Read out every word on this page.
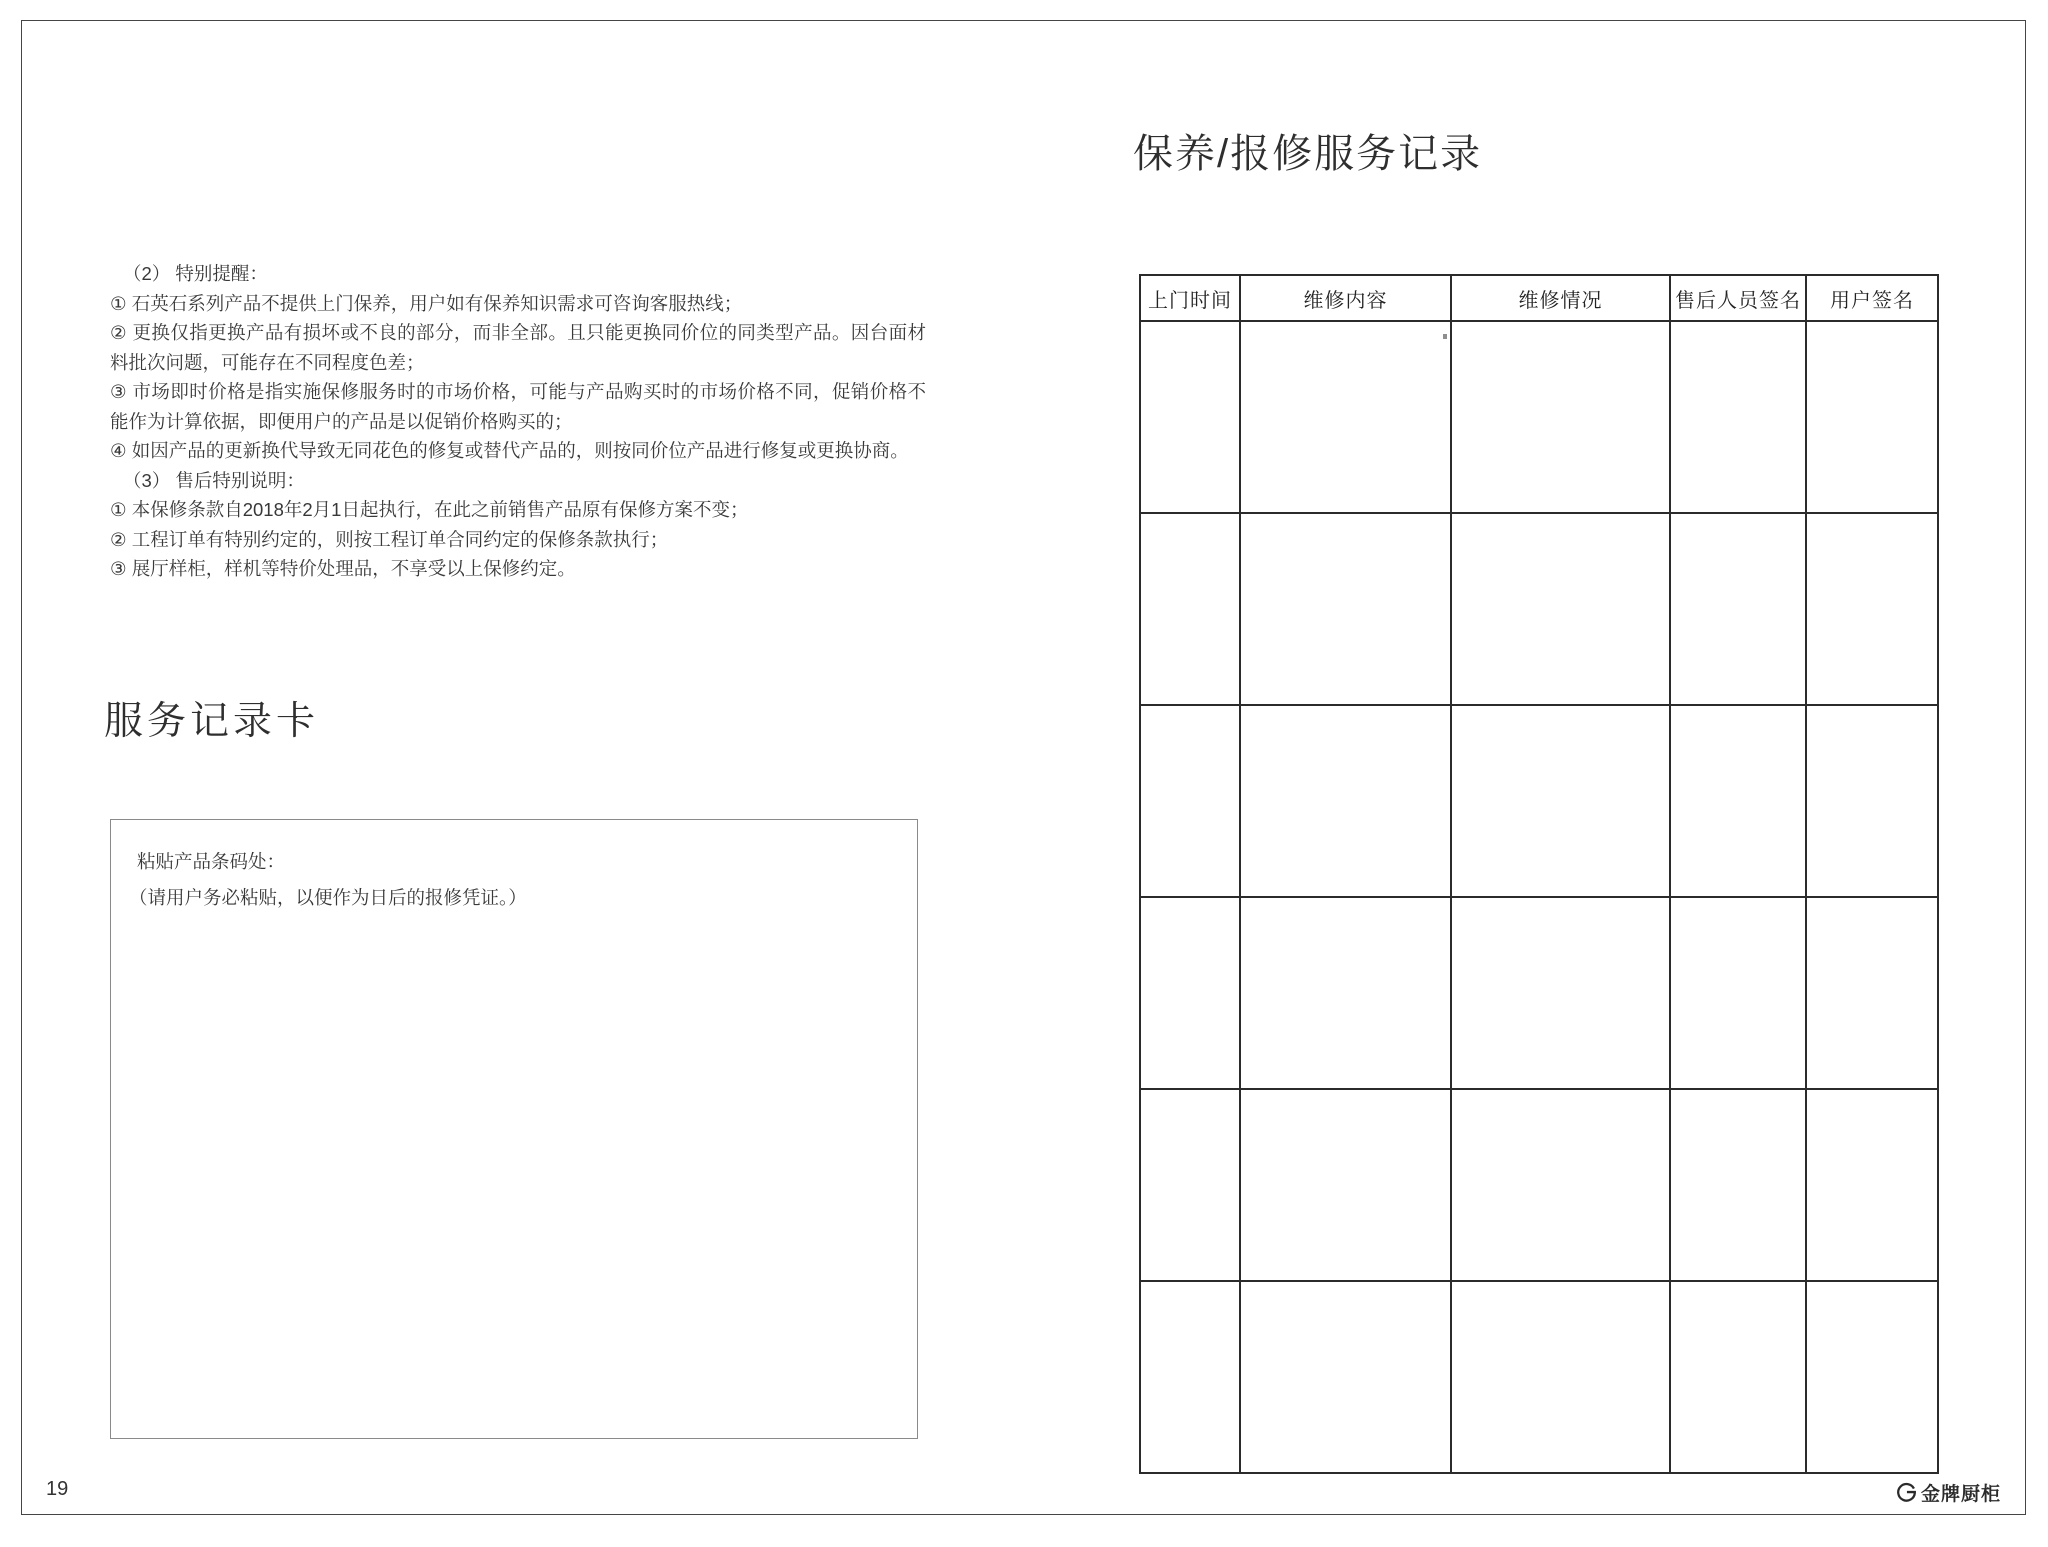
（2） 特别提醒：

① 石英石系列产品不提供上门保养，用户如有保养知识需求可咨询客服热线；

② 更换仅指更换产品有损坏或不良的部分，而非全部。且只能更换同价位的同类型产品。因台面材料批次问题，可能存在不同程度色差；

③ 市场即时价格是指实施保修服务时的市场价格，可能与产品购买时的市场价格不同，促销价格不能作为计算依据，即便用户的产品是以促销价格购买的；

④ 如因产品的更新换代导致无同花色的修复或替代产品的，则按同价位产品进行修复或更换协商。

（3） 售后特别说明：

① 本保修条款自2018年2月1日起执行，在此之前销售产品原有保修方案不变；

② 工程订单有特别约定的，则按工程订单合同约定的保修条款执行；

③ 展厅样柜，样机等特价处理品，不享受以上保修约定。

服务记录卡
粘贴产品条码处：
（请用户务必粘贴，以便作为日后的报修凭证。）
保养/报修服务记录
上门时间	维修内容	维修情况	售后人员签名	用户签名

19	金牌厨柜
